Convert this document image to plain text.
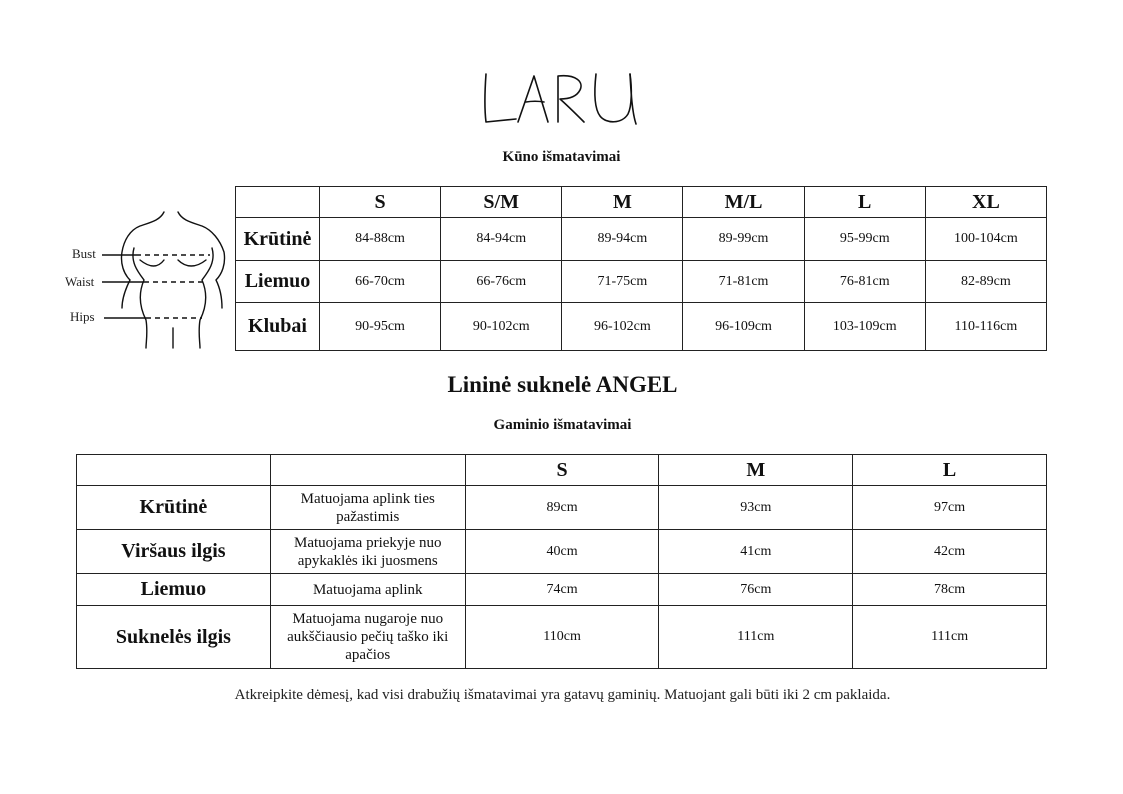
Kūno išmatavimai
Bust
Waist
Hips
	S	S/M	M	M/L	L	XL
Krūtinė	84-88cm	84-94cm	89-94cm	89-99cm	95-99cm	100-104cm
Liemuo	66-70cm	66-76cm	71-75cm	71-81cm	76-81cm	82-89cm
Klubai	90-95cm	90-102cm	96-102cm	96-109cm	103-109cm	110-116cm
Lininė suknelė ANGEL
Gaminio išmatavimai
		S	M	L
Krūtinė	Matuojama aplink ties pažastimis	89cm	93cm	97cm
Viršaus ilgis	Matuojama priekyje nuo apykaklės iki juosmens	40cm	41cm	42cm
Liemuo	Matuojama aplink	74cm	76cm	78cm
Suknelės ilgis	Matuojama nugaroje nuo aukščiausio pečių taško iki apačios	110cm	111cm	111cm
Atkreipkite dėmesį, kad visi drabužių išmatavimai yra gatavų gaminių. Matuojant gali būti iki 2 cm paklaida.
